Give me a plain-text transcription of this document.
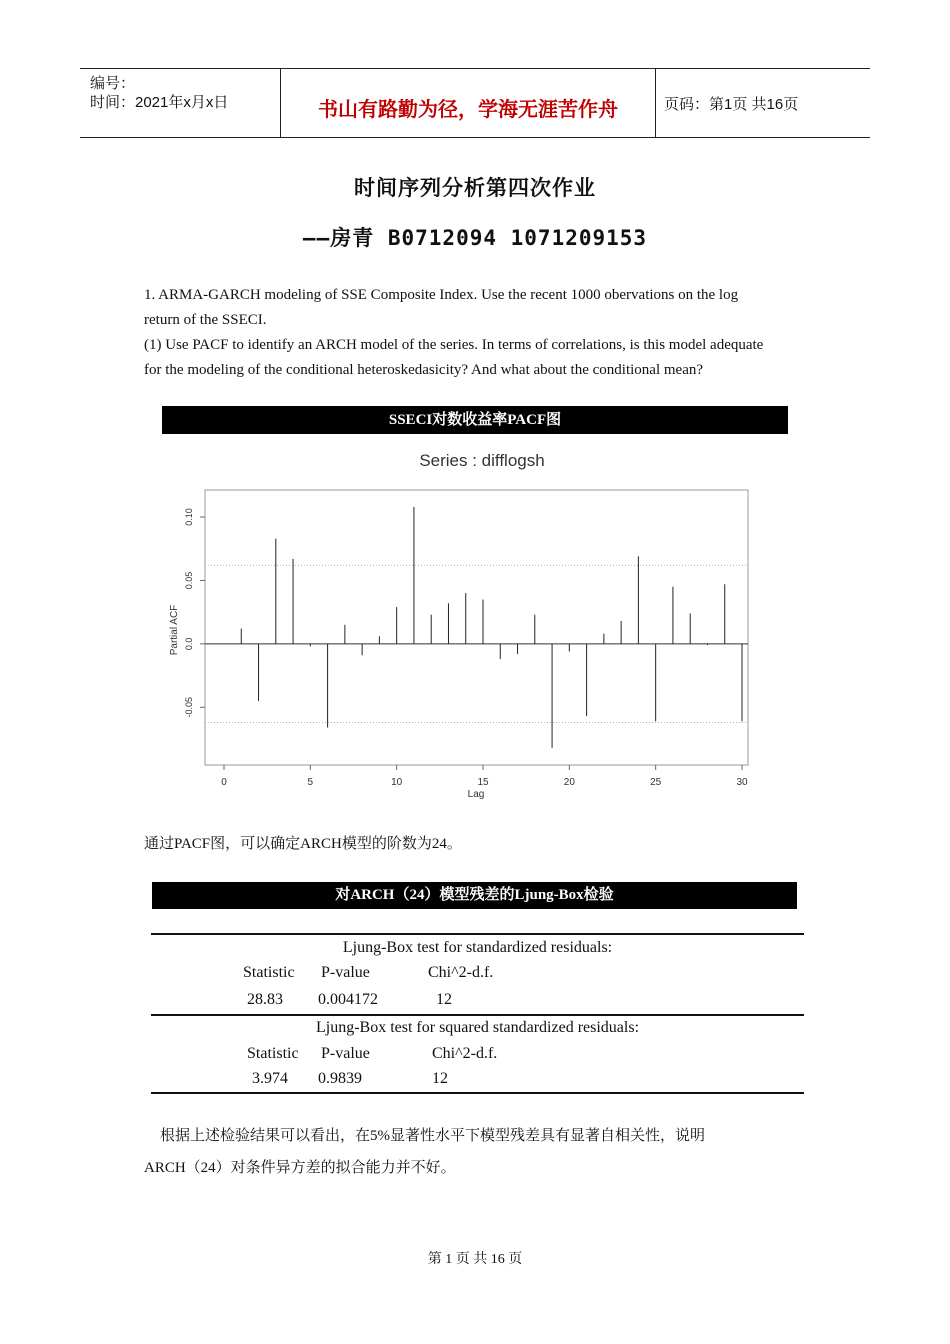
编号：
时间：2021年x月x日	书山有路勤为径，学海无涯苦作舟	页码：第1页 共16页
时间序列分析第四次作业
——房青 B0712094 1071209153
1. ARMA-GARCH modeling of SSE Composite Index. Use the recent 1000 obervations on the log
return of the SSECI.
(1) Use PACF to identify an ARCH model of the series. In terms of correlations, is this model adequate
for the modeling of the conditional heteroskedasicity? And what about the conditional mean?
SSECI对数收益率PACF图
Series : difflogsh
0	5	10	15	20	25	30
-0.05
0.0
0.05
0.10
Lag
Partial ACF
通过PACF图，可以确定ARCH模型的阶数为24。
对ARCH（24）模型残差的Ljung-Box检验
Ljung-Box test for standardized residuals:
Statistic P-value	Chi^2-d.f.
28.83 0.004172	12
Ljung-Box test for squared standardized residuals:
Statistic P-value	Chi^2-d.f.
3.974 0.9839	12
根据上述检验结果可以看出，在5%显著性水平下模型残差具有显著自相关性，说明
ARCH（24）对条件异方差的拟合能力并不好。
第 1 页 共 16 页
